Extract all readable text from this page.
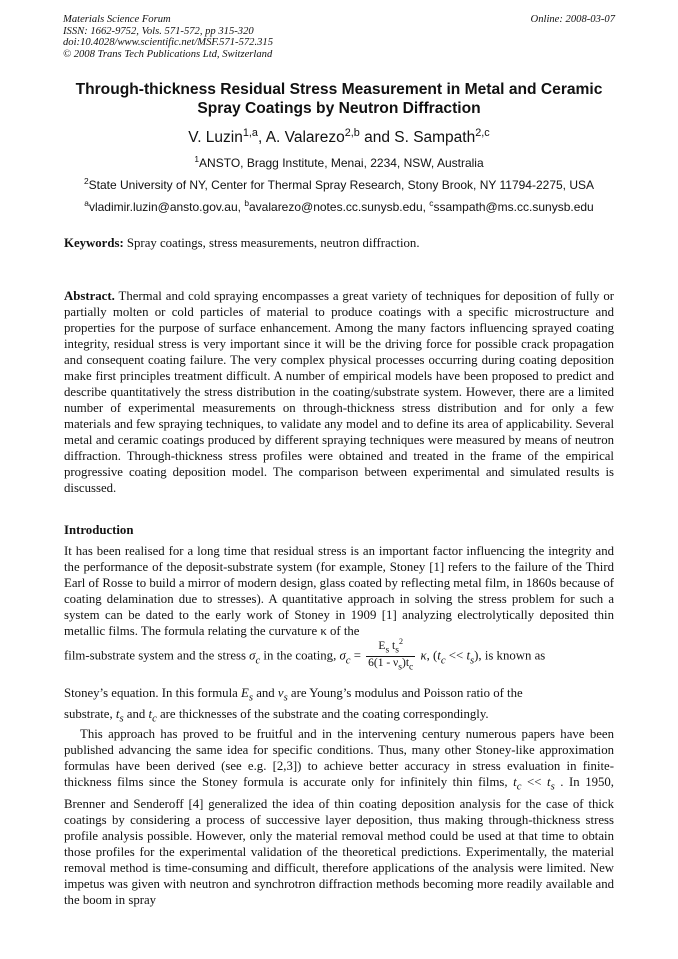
Materials Science Forum
ISSN: 1662-9752, Vols. 571-572, pp 315-320
doi:10.4028/www.scientific.net/MSF.571-572.315
© 2008 Trans Tech Publications Ltd, Switzerland
Online: 2008-03-07
Through-thickness Residual Stress Measurement in Metal and Ceramic
Spray Coatings by Neutron Diffraction
V. Luzin$^{1,a}$, A. Valarezo$^{2,b}$ and S. Sampath$^{2,c}$
$^1$ANSTO, Bragg Institute, Menai, 2234, NSW, Australia
$^2$State University of NY, Center for Thermal Spray Research, Stony Brook, NY 11794-2275, USA
$^a$vladimir.luzin@ansto.gov.au, $^b$avalarezo@notes.cc.sunysb.edu, $^c$ssampath@ms.cc.sunysb.edu
Keywords: Spray coatings, stress measurements, neutron diffraction.
Abstract. Thermal and cold spraying encompasses a great variety of techniques for deposition of fully or partially molten or cold particles of material to produce coatings with a specific microstructure and properties for the purpose of surface enhancement. Among the many factors influencing sprayed coating integrity, residual stress is very important since it will be the driving force for possible crack propagation and consequent coating failure. The very complex physical processes occurring during coating deposition make first principles treatment difficult. A number of empirical models have been proposed to predict and describe quantitatively the stress distribution in the coating/substrate system. However, there are a limited number of experimental measurements on through-thickness stress distribution and for only a few materials and few spraying techniques, to validate any model and to define its area of applicability. Several metal and ceramic coatings produced by different spraying techniques were measured by means of neutron diffraction. Through-thickness stress profiles were obtained and treated in the frame of the empirical progressive coating deposition model. The comparison between experimental and simulated results is discussed.
Introduction
It has been realised for a long time that residual stress is an important factor influencing the integrity and the performance of the deposit-substrate system (for example, Stoney [1] refers to the failure of the Third Earl of Rosse to build a mirror of modern design, glass coated by reflecting metal film, in 1860s because of coating delamination due to stresses). A quantitative approach in solving the stress problem for such a system can be dated to the early work of Stoney in 1909 [1] analyzing electrolytically deposited thin metallic films. The formula relating the curvature κ of the
film-substrate system and the stress $\sigma_c$ in the coating, $\sigma_c = \frac{E_s t_s^2}{6(1 - \nu_s)t_c} \kappa$, $(t_c << t_s)$, is known as
Stoney’s equation. In this formula $E_s$ and $\nu_s$ are Young’s modulus and Poisson ratio of the
substrate, $t_s$ and $t_c$ are thicknesses of the substrate and the coating correspondingly.
This approach has proved to be fruitful and in the intervening century numerous papers have been published advancing the same idea for specific conditions. Thus, many other Stoney-like approximation formulas have been derived (see e.g. [2,3]) to achieve better accuracy in stress evaluation in finite-thickness films since the Stoney formula is accurate only for infinitely thin films, $t_c << t_s$ . In 1950, Brenner and Senderoff [4] generalized the idea of thin coating deposition analysis for the case of thick coatings by considering a process of successive layer deposition, thus making through-thickness stress profile analysis possible. However, only the material removal method could be used at that time to obtain those profiles for the experimental validation of the theoretical predictions. Experimentally, the material removal method is time-consuming and difficult, therefore applications of the analysis were limited. New impetus was given with neutron and synchrotron diffraction methods becoming more readily available and the boom in spray
